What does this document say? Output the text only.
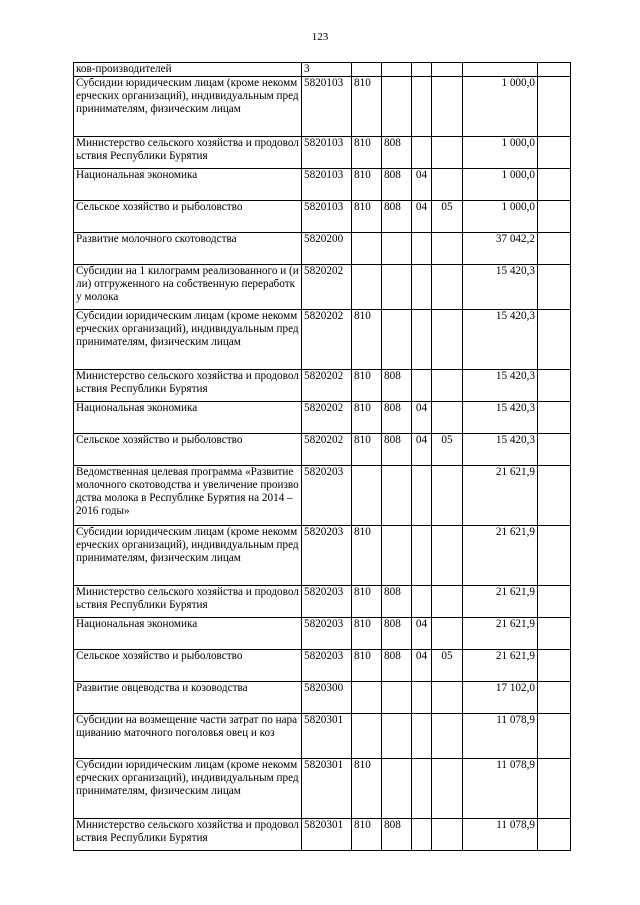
123
ков-производителей	3						
Субсидии юридическим лицам (кроме некоммерческих организаций), индивидуальным предпринимателям, физическим лицам	5820103	810				1 000,0	
Министерство сельского хозяйства и продовольствия Республики Бурятия	5820103	810	808			1 000,0	
Национальная экономика	5820103	810	808	04		1 000,0	
Сельское хозяйство и рыболовство	5820103	810	808	04	05	1 000,0	
Развитие молочного скотоводства	5820200					37 042,2	
Субсидии на 1 килограмм реализованного и (или) отгруженного на собственную переработку молока	5820202					15 420,3	
Субсидии юридическим лицам (кроме некоммерческих организаций), индивидуальным предпринимателям, физическим лицам	5820202	810				15 420,3	
Министерство сельского хозяйства и продовольствия Республики Бурятия	5820202	810	808			15 420,3	
Национальная экономика	5820202	810	808	04		15 420,3	
Сельское хозяйство и рыболовство	5820202	810	808	04	05	15 420,3	
Ведомственная целевая программа «Развитие молочного скотоводства и увеличение производства молока в Республике Бурятия на 2014 – 2016 годы»	5820203					21 621,9	
Субсидии юридическим лицам (кроме некоммерческих организаций), индивидуальным предпринимателям, физическим лицам	5820203	810				21 621,9	
Министерство сельского хозяйства и продовольствия Республики Бурятия	5820203	810	808			21 621,9	
Национальная экономика	5820203	810	808	04		21 621,9	
Сельское хозяйство и рыболовство	5820203	810	808	04	05	21 621,9	
Развитие овцеводства и козоводства	5820300					17 102,0	
Субсидии на возмещение части затрат по наращиванию маточного поголовья овец и коз	5820301					11 078,9	
Субсидии юридическим лицам (кроме некоммерческих организаций), индивидуальным предпринимателям, физическим лицам	5820301	810				11 078,9	
Министерство сельского хозяйства и продовольствия Республики Бурятия	5820301	810	808			11 078,9	
